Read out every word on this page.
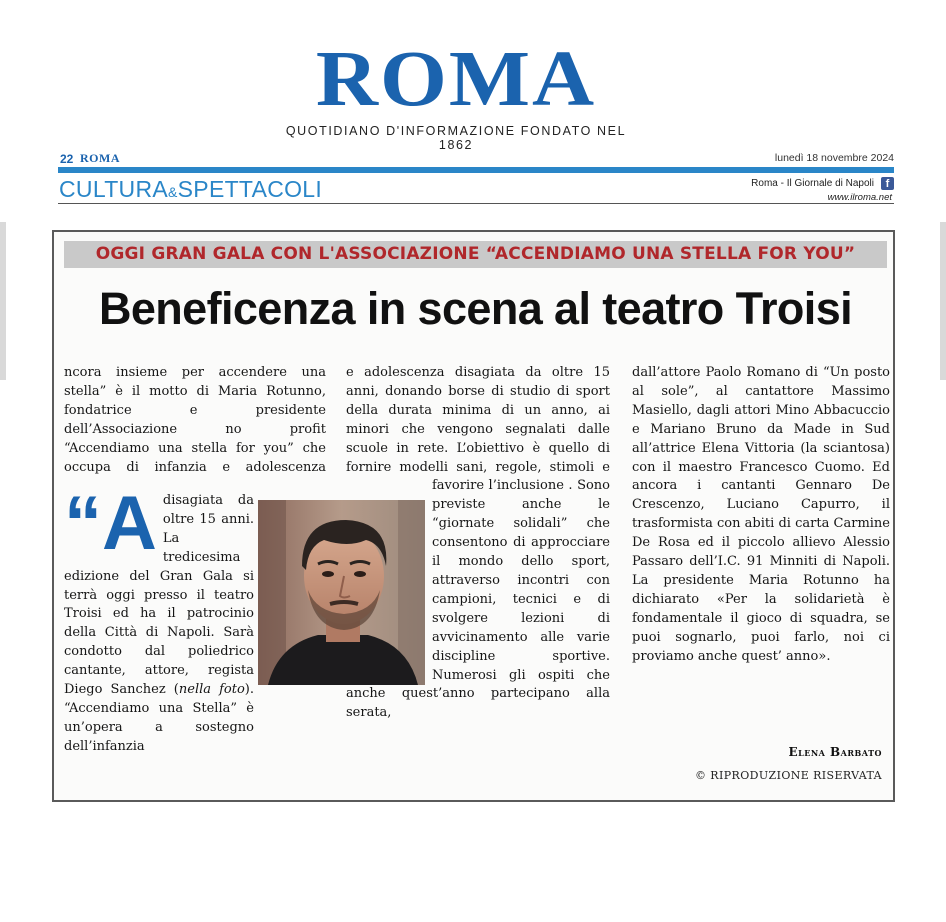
ROMA
QUOTIDIANO D'INFORMAZIONE FONDATO NEL 1862
22 ROMA	lunedì 18 novembre 2024
CULTURA&SPETTACOLI	Roma - Il Giornale di Napoli	f
www.ilroma.net
OGGI GRAN GALA CON L'ASSOCIAZIONE “ACCENDIAMO UNA STELLA FOR YOU”
Beneficenza in scena al teatro Troisi
“A

ncora insieme per accendere una stella” è il motto di Maria Rotunno, fondatrice e presidente dell’Associazione no profit “Accendiamo una stella for you” che occupa di infanzia e adolescenza disagiata da oltre 15 anni. La tredicesima edizione del Gran Gala si terrà oggi presso il teatro Troisi ed ha il patrocinio della Città di Napoli. Sarà condotto dal poliedrico cantante, attore, regista Diego Sanchez (nella foto). “Accendiamo una Stella” è un’opera a sostegno dell’infanzia

e adolescenza disagiata da oltre 15 anni, donando borse di studio di sport della durata minima di un anno, ai minori che vengono segnalati dalle scuole in rete. L’obiettivo è quello di fornire modelli sani, regole, stimoli e favorire l’inclusione . Sono previste anche le “giornate solidali” che consentono di approcciare il mondo dello sport, attraverso incontri con campioni, tecnici e di svolgere lezioni di avvicinamento alle varie discipline sportive. Numerosi gli ospiti che anche quest’anno partecipano alla serata,

dall’attore Paolo Romano di “Un posto al sole”, al cantattore Massimo Masiello, dagli attori Mino Abbacuccio e Mariano Bruno da Made in Sud all’attrice Elena Vittoria (la sciantosa) con il maestro Francesco Cuomo. Ed ancora i cantanti Gennaro De Crescenzo, Luciano Capurro, il trasformista con abiti di carta Carmine De Rosa ed il piccolo allievo Alessio Passaro dell’I.C. 91 Minniti di Napoli. La presidente Maria Rotunno ha dichiarato «Per la solidarietà è fondamentale il gioco di squadra, se puoi sognarlo, puoi farlo, noi ci proviamo anche quest’ anno».

Elena Barbato
© RIPRODUZIONE RISERVATA
